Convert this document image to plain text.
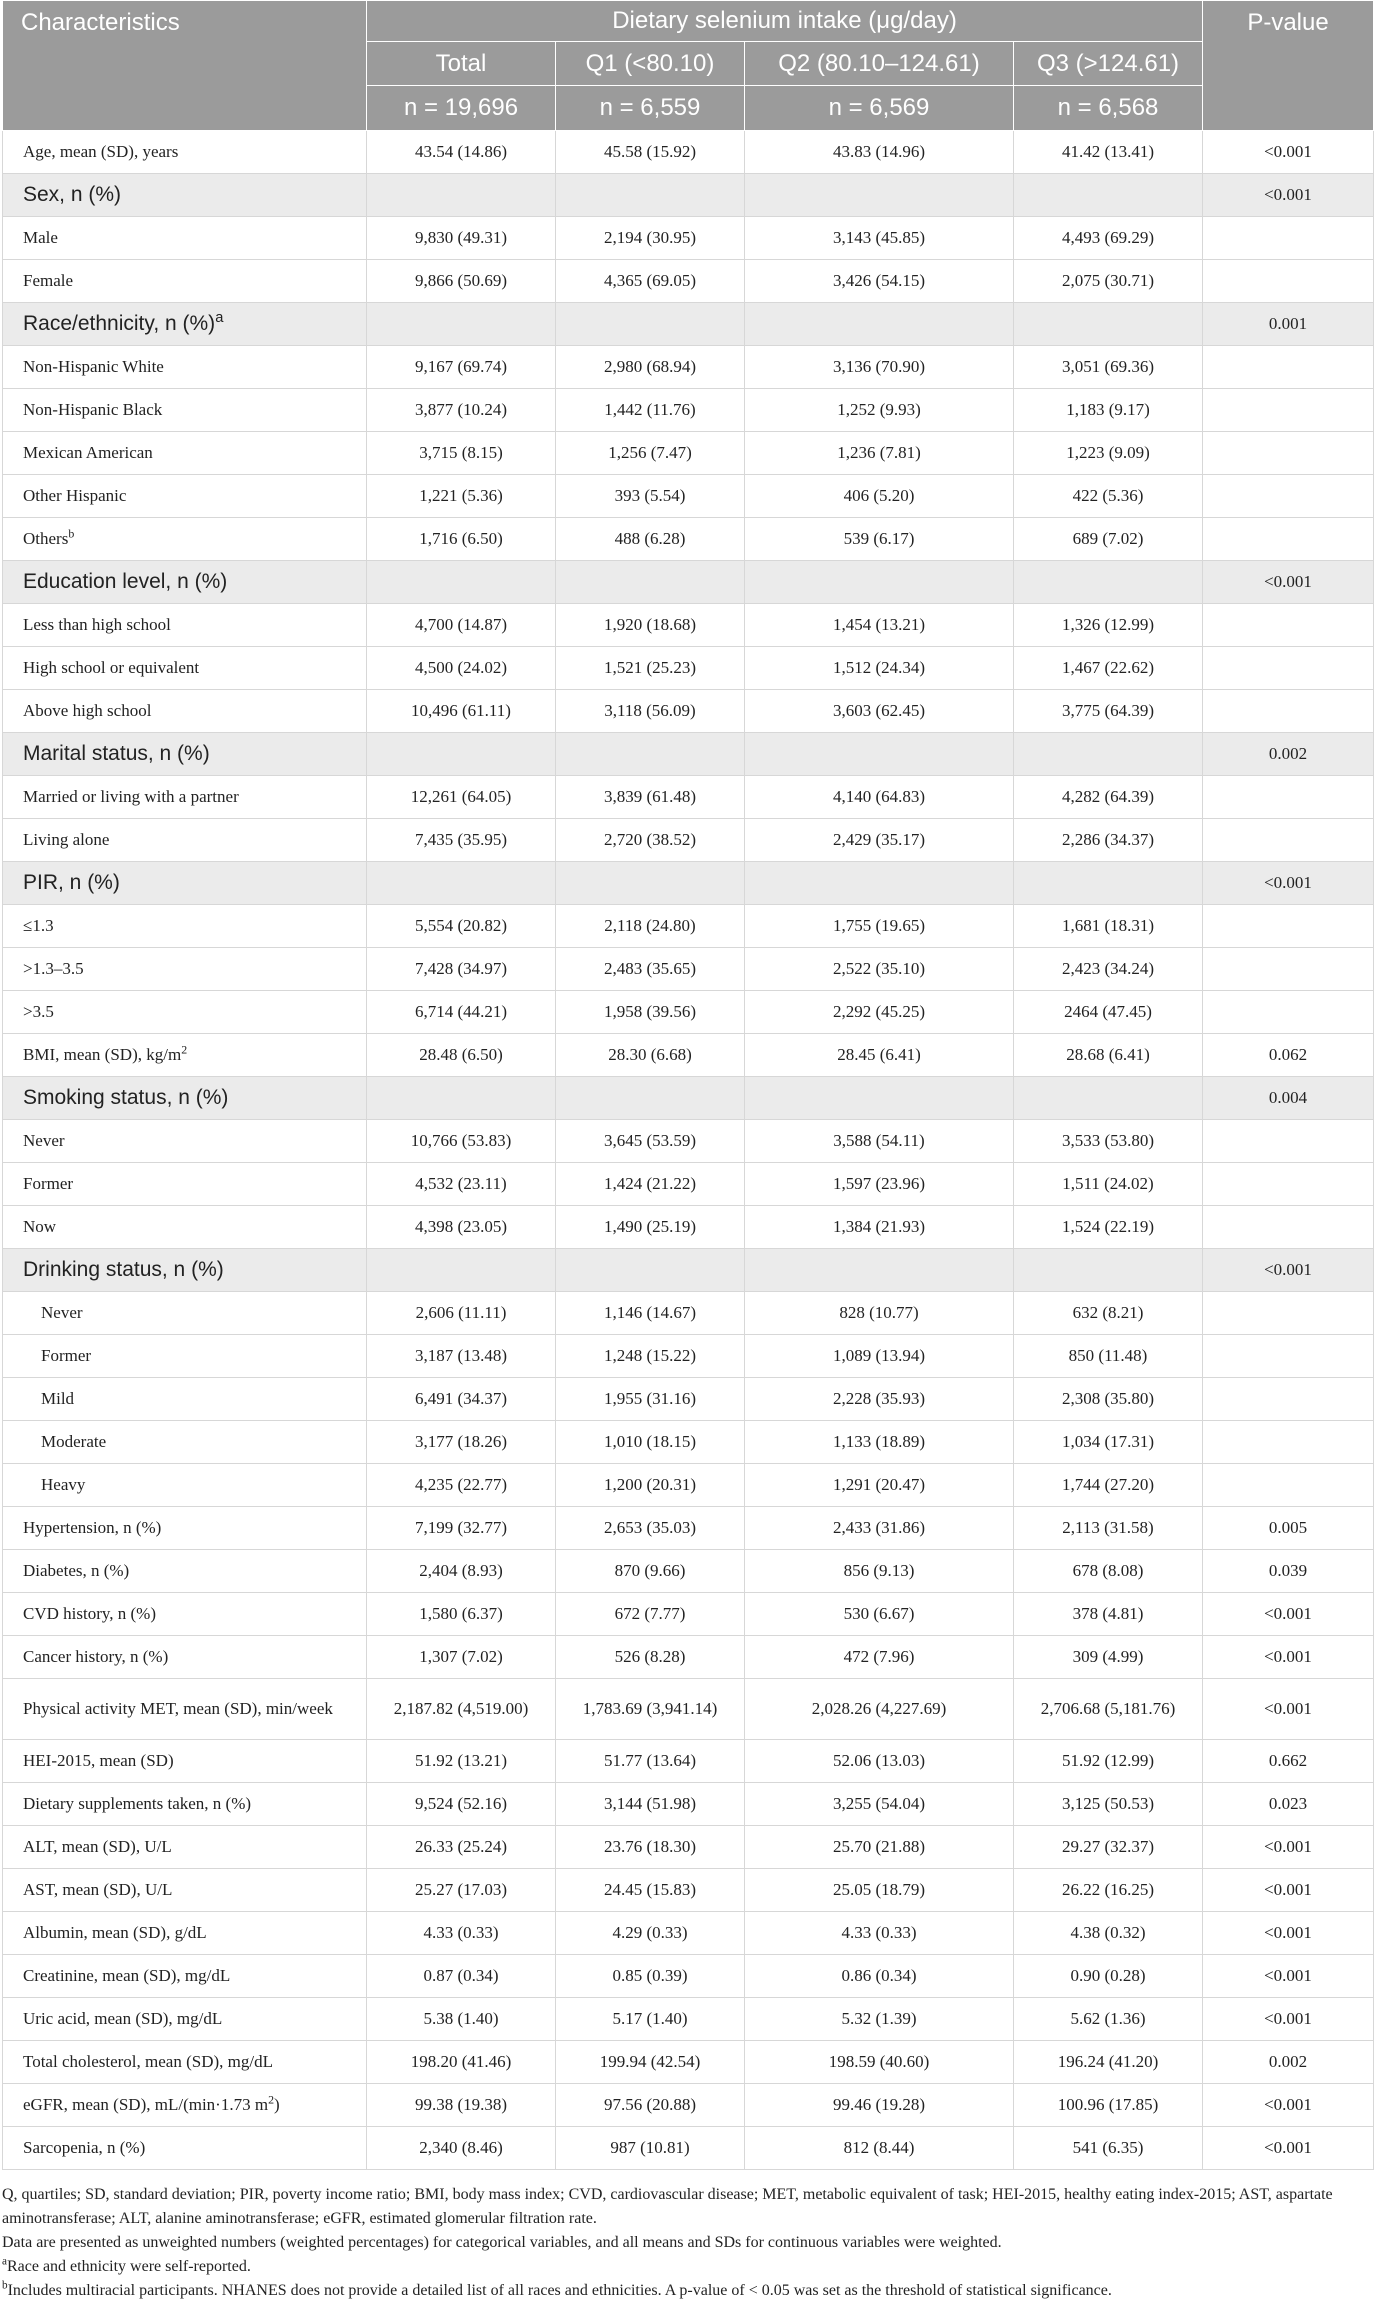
Characteristics	Dietary selenium intake (μg/day)				P-value
	Total	Q1 (<80.10)	Q2 (80.10–124.61)	Q3 (>124.61)	
	n = 19,696	n = 6,559	n = 6,569	n = 6,568	
Age, mean (SD), years	43.54 (14.86)	45.58 (15.92)	43.83 (14.96)	41.42 (13.41)	<0.001
Sex, n (%)					<0.001
Male	9,830 (49.31)	2,194 (30.95)	3,143 (45.85)	4,493 (69.29)	
Female	9,866 (50.69)	4,365 (69.05)	3,426 (54.15)	2,075 (30.71)	
Race/ethnicity, n (%)$^a$					0.001
Non-Hispanic White	9,167 (69.74)	2,980 (68.94)	3,136 (70.90)	3,051 (69.36)	
Non-Hispanic Black	3,877 (10.24)	1,442 (11.76)	1,252 (9.93)	1,183 (9.17)	
Mexican American	3,715 (8.15)	1,256 (7.47)	1,236 (7.81)	1,223 (9.09)	
Other Hispanic	1,221 (5.36)	393 (5.54)	406 (5.20)	422 (5.36)	
Others$^b$	1,716 (6.50)	488 (6.28)	539 (6.17)	689 (7.02)	
Education level, n (%)					<0.001
Less than high school	4,700 (14.87)	1,920 (18.68)	1,454 (13.21)	1,326 (12.99)	
High school or equivalent	4,500 (24.02)	1,521 (25.23)	1,512 (24.34)	1,467 (22.62)	
Above high school	10,496 (61.11)	3,118 (56.09)	3,603 (62.45)	3,775 (64.39)	
Marital status, n (%)					0.002
Married or living with a partner	12,261 (64.05)	3,839 (61.48)	4,140 (64.83)	4,282 (64.39)	
Living alone	7,435 (35.95)	2,720 (38.52)	2,429 (35.17)	2,286 (34.37)	
PIR, n (%)					<0.001
≤1.3	5,554 (20.82)	2,118 (24.80)	1,755 (19.65)	1,681 (18.31)	
>1.3–3.5	7,428 (34.97)	2,483 (35.65)	2,522 (35.10)	2,423 (34.24)	
>3.5	6,714 (44.21)	1,958 (39.56)	2,292 (45.25)	2464 (47.45)	
BMI, mean (SD), $kg/m^2$	28.48 (6.50)	28.30 (6.68)	28.45 (6.41)	28.68 (6.41)	0.062
Smoking status, n (%)					0.004
Never	10,766 (53.83)	3,645 (53.59)	3,588 (54.11)	3,533 (53.80)	
Former	4,532 (23.11)	1,424 (21.22)	1,597 (23.96)	1,511 (24.02)	
Now	4,398 (23.05)	1,490 (25.19)	1,384 (21.93)	1,524 (22.19)	
Drinking status, n (%)					<0.001
Never	2,606 (11.11)	1,146 (14.67)	828 (10.77)	632 (8.21)	
Former	3,187 (13.48)	1,248 (15.22)	1,089 (13.94)	850 (11.48)	
Mild	6,491 (34.37)	1,955 (31.16)	2,228 (35.93)	2,308 (35.80)	
Moderate	3,177 (18.26)	1,010 (18.15)	1,133 (18.89)	1,034 (17.31)	
Heavy	4,235 (22.77)	1,200 (20.31)	1,291 (20.47)	1,744 (27.20)	
Hypertension, n (%)	7,199 (32.77)	2,653 (35.03)	2,433 (31.86)	2,113 (31.58)	0.005
Diabetes, n (%)	2,404 (8.93)	870 (9.66)	856 (9.13)	678 (8.08)	0.039
CVD history, n (%)	1,580 (6.37)	672 (7.77)	530 (6.67)	378 (4.81)	<0.001
Cancer history, n (%)	1,307 (7.02)	526 (8.28)	472 (7.96)	309 (4.99)	<0.001
Physical activity MET, mean (SD), min/week	2,187.82 (4,519.00)	1,783.69 (3,941.14)	2,028.26 (4,227.69)	2,706.68 (5,181.76)	<0.001
HEI-2015, mean (SD)	51.92 (13.21)	51.77 (13.64)	52.06 (13.03)	51.92 (12.99)	0.662
Dietary supplements taken, n (%)	9,524 (52.16)	3,144 (51.98)	3,255 (54.04)	3,125 (50.53)	0.023
ALT, mean (SD), U/L	26.33 (25.24)	23.76 (18.30)	25.70 (21.88)	29.27 (32.37)	<0.001
AST, mean (SD), U/L	25.27 (17.03)	24.45 (15.83)	25.05 (18.79)	26.22 (16.25)	<0.001
Albumin, mean (SD), g/dL	4.33 (0.33)	4.29 (0.33)	4.33 (0.33)	4.38 (0.32)	<0.001
Creatinine, mean (SD), mg/dL	0.87 (0.34)	0.85 (0.39)	0.86 (0.34)	0.90 (0.28)	<0.001
Uric acid, mean (SD), mg/dL	5.38 (1.40)	5.17 (1.40)	5.32 (1.39)	5.62 (1.36)	<0.001
Total cholesterol, mean (SD), mg/dL	198.20 (41.46)	199.94 (42.54)	198.59 (40.60)	196.24 (41.20)	0.002
eGFR, mean (SD), mL/(min·1.73 $m^2$)	99.38 (19.38)	97.56 (20.88)	99.46 (19.28)	100.96 (17.85)	<0.001
Sarcopenia, n (%)	2,340 (8.46)	987 (10.81)	812 (8.44)	541 (6.35)	<0.001

Q, quartiles; SD, standard deviation; PIR, poverty income ratio; BMI, body mass index; CVD, cardiovascular disease; MET, metabolic equivalent of task; HEI-2015, healthy eating index-2015; AST, aspartate aminotransferase; ALT, alanine aminotransferase; eGFR, estimated glomerular filtration rate.

Data are presented as unweighted numbers (weighted percentages) for categorical variables, and all means and SDs for continuous variables were weighted.

$^a$Race and ethnicity were self-reported.

$^b$Includes multiracial participants. NHANES does not provide a detailed list of all races and ethnicities. A p-value of < 0.05 was set as the threshold of statistical significance.
